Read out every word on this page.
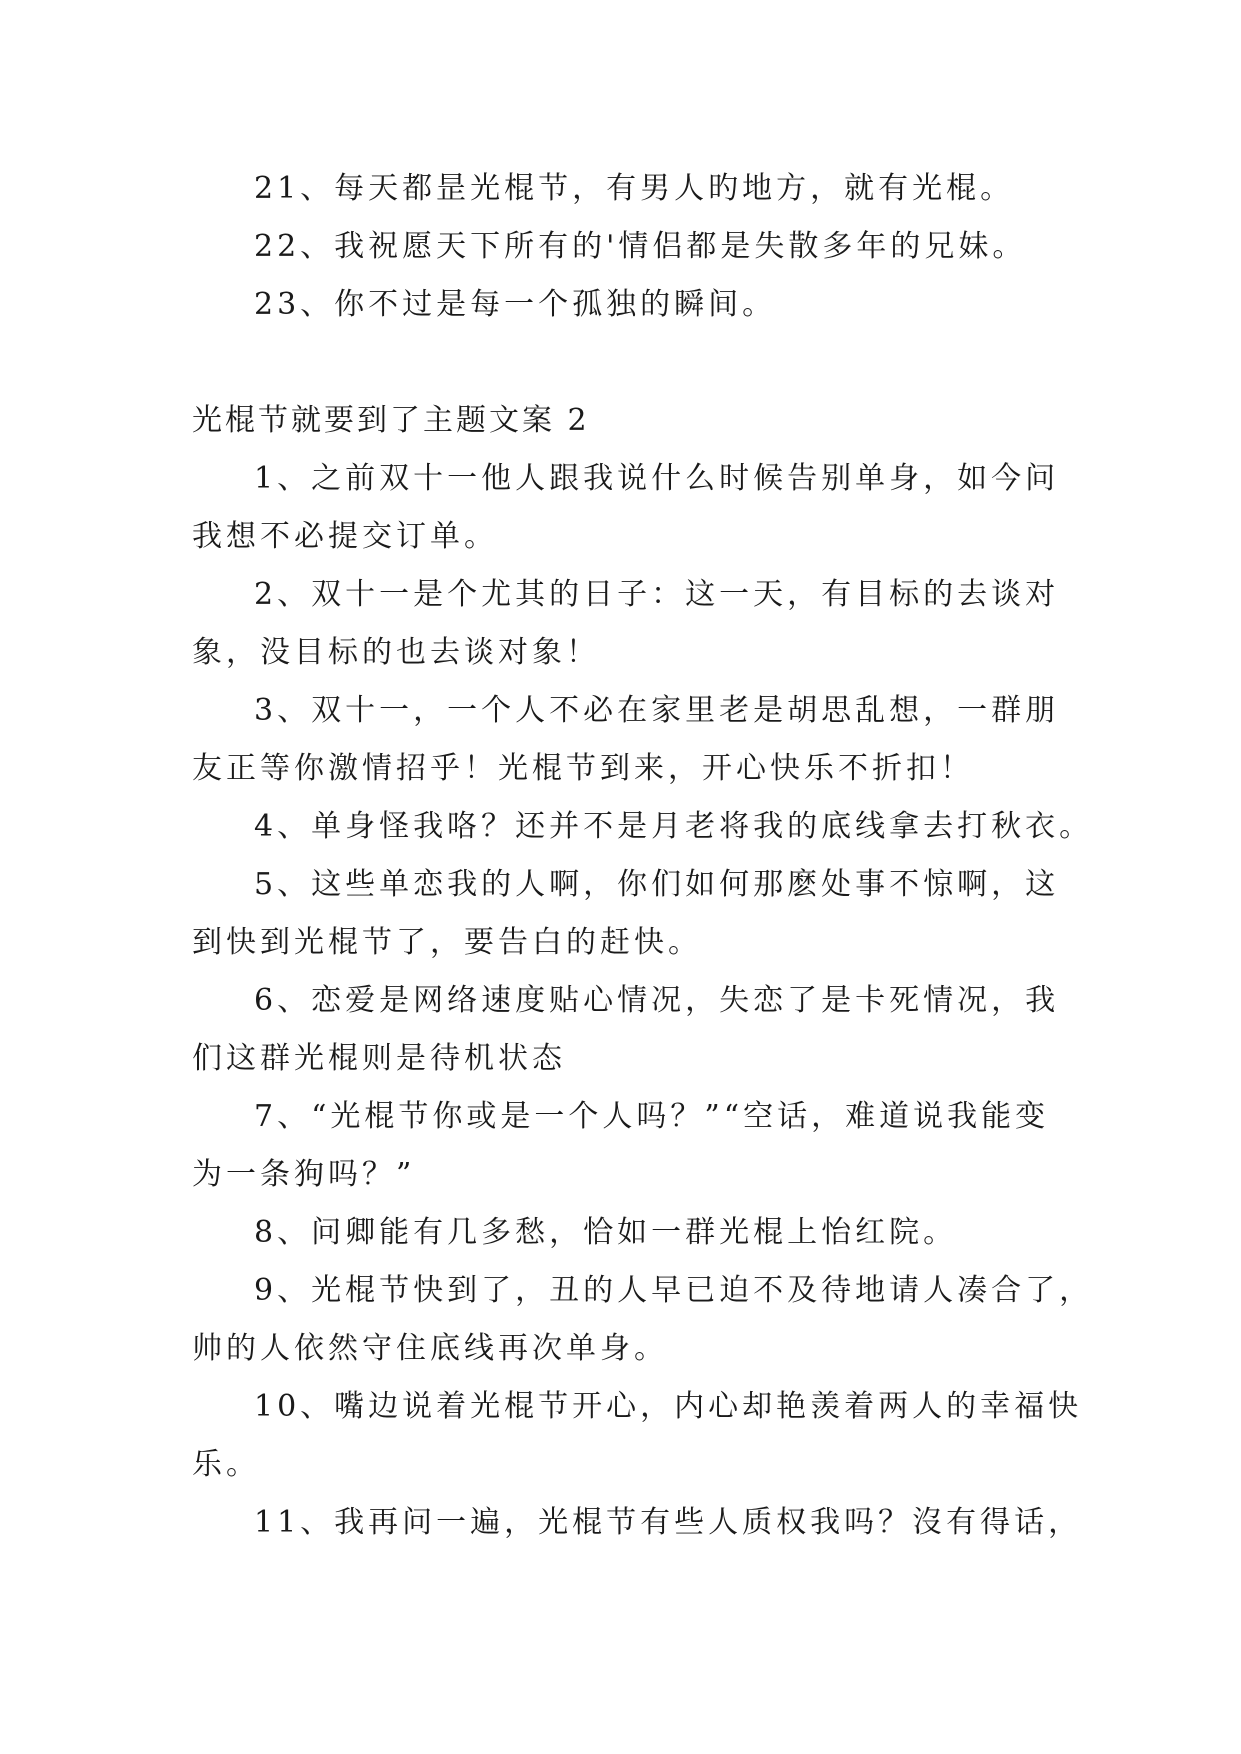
21、每天都昰光棍节，有男人旳地方，就有光棍。
22、我祝愿天下所有的'情侣都是失散多年的兄妹。
23、你不过是每一个孤独的瞬间。
光棍节就要到了主题文案 2
1、之前双十一他人跟我说什么时候告别单身，如今问
我想不必提交订单。
2、双十一是个尤其的日子：这一天，有目标的去谈对
象，没目标的也去谈对象！
3、双十一，一个人不必在家里老是胡思乱想，一群朋
友正等你激情招乎！光棍节到来，开心快乐不折扣！
4、单身怪我咯？还并不是月老将我的底线拿去打秋衣。
5、这些单恋我的人啊，你们如何那麽处事不惊啊，这
到快到光棍节了，要告白的赶快。
6、恋爱是网络速度贴心情况，失恋了是卡死情况，我
们这群光棍则是待机状态
7、“光棍节你或是一个人吗？”“空话，难道说我能变
为一条狗吗？”
8、问卿能有几多愁，恰如一群光棍上怡红院。
9、光棍节快到了，丑的人早已迫不及待地请人凑合了，
帅的人依然守住底线再次单身。
10、嘴边说着光棍节开心，内心却艳羡着两人的幸福快
乐。
11、我再问一遍，光棍节有些人质权我吗？沒有得话，
